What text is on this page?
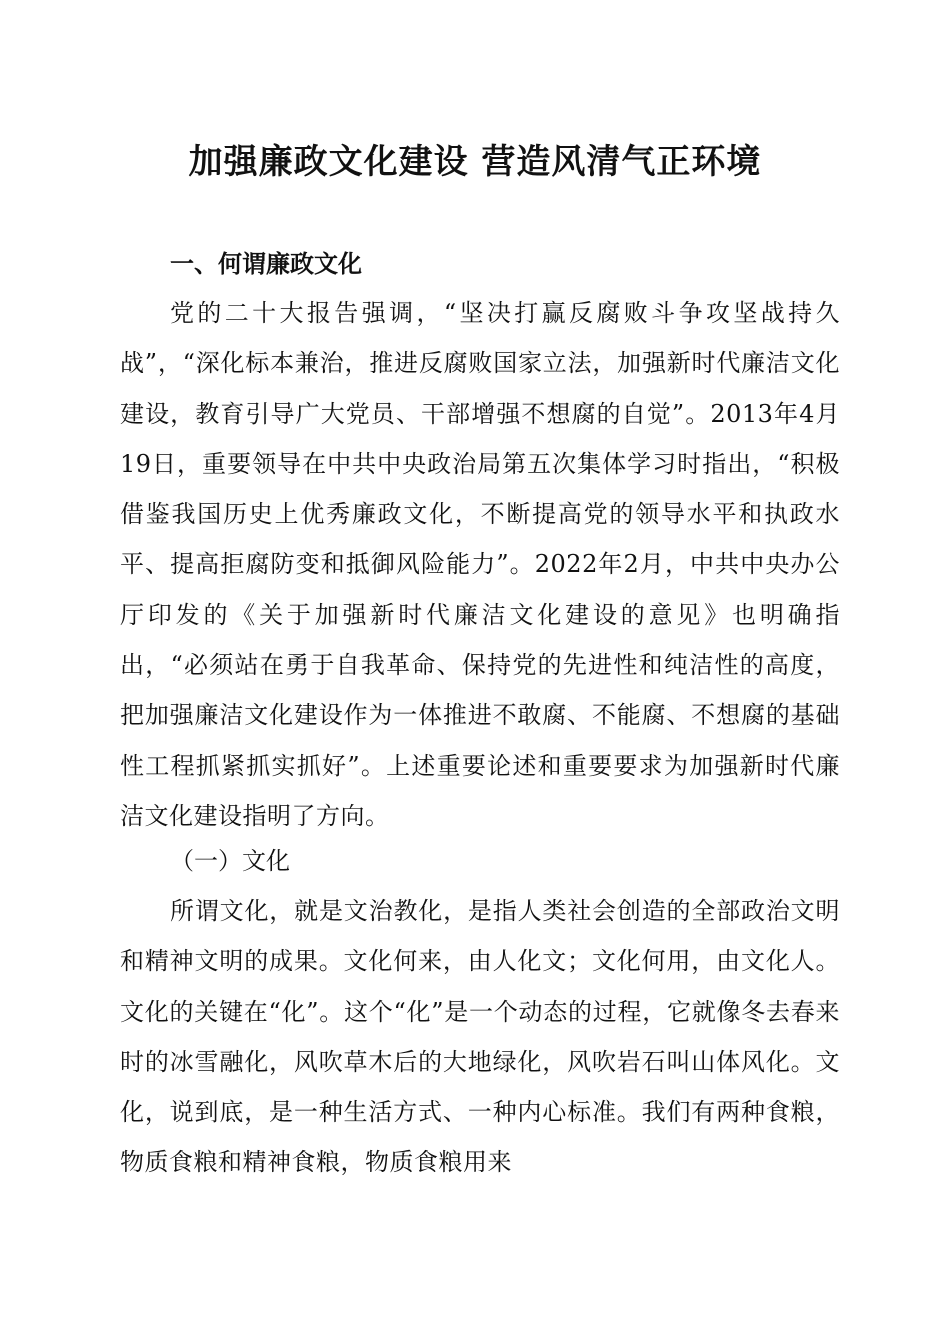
加强廉政文化建设 营造风清气正环境
一、何谓廉政文化
党的二十大报告强调，“坚决打赢反腐败斗争攻坚战持久战”，“深化标本兼治，推进反腐败国家立法，加强新时代廉洁文化建设，教育引导广大党员、干部增强不想腐的自觉”。2013年4月19日，重要领导在中共中央政治局第五次集体学习时指出，“积极借鉴我国历史上优秀廉政文化，不断提高党的领导水平和执政水平、提高拒腐防变和抵御风险能力”。2022年2月，中共中央办公厅印发的《关于加强新时代廉洁文化建设的意见》也明确指出，“必须站在勇于自我革命、保持党的先进性和纯洁性的高度，把加强廉洁文化建设作为一体推进不敢腐、不能腐、不想腐的基础性工程抓紧抓实抓好”。上述重要论述和重要要求为加强新时代廉洁文化建设指明了方向。
（一）文化
所谓文化，就是文治教化，是指人类社会创造的全部政治文明和精神文明的成果。文化何来，由人化文；文化何用，由文化人。文化的关键在“化”。这个“化”是一个动态的过程，它就像冬去春来时的冰雪融化，风吹草木后的大地绿化，风吹岩石叫山体风化。文化，说到底，是一种生活方式、一种内心标准。我们有两种食粮，物质食粮和精神食粮，物质食粮用来
